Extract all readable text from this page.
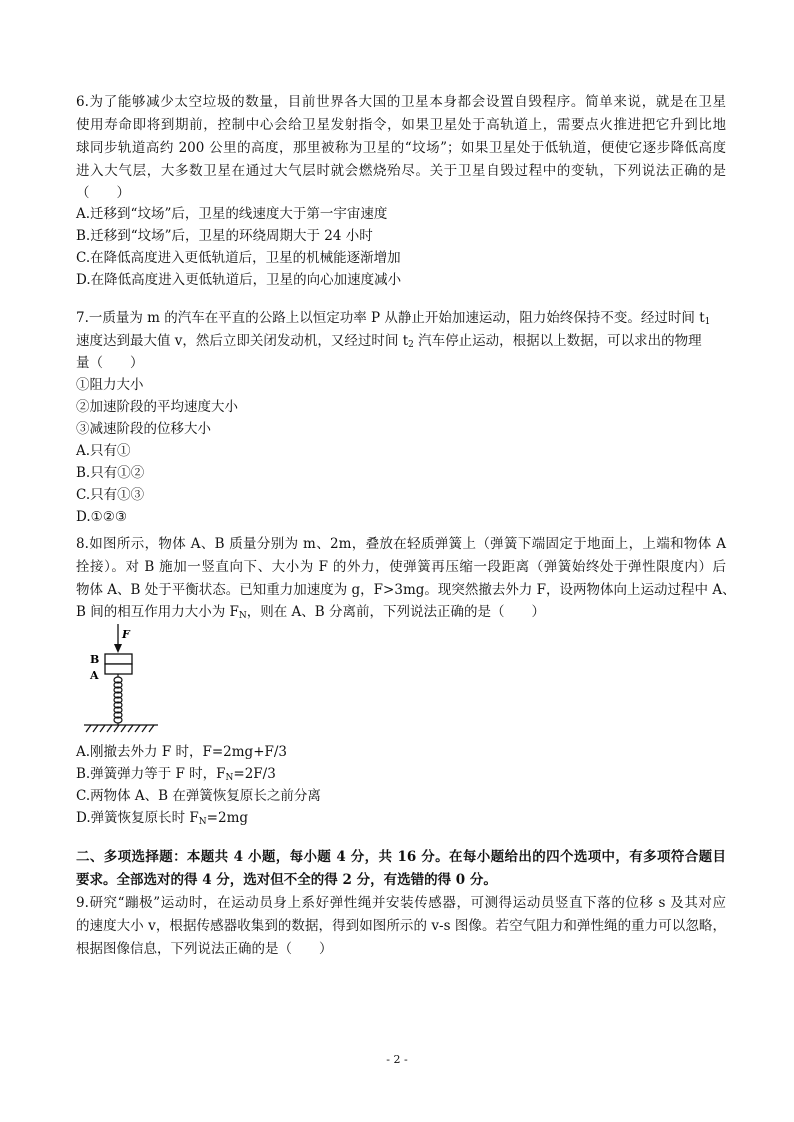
6.为了能够减少太空垃圾的数量，目前世界各大国的卫星本身都会设置自毁程序。简单来说，就是在卫星
使用寿命即将到期前，控制中心会给卫星发射指令，如果卫星处于高轨道上，需要点火推进把它升到比地
球同步轨道高约 200 公里的高度，那里被称为卫星的“坟场”；如果卫星处于低轨道，便使它逐步降低高度
进入大气层，大多数卫星在通过大气层时就会燃烧殆尽。关于卫星自毁过程中的变轨，下列说法正确的是
（　　）
A.迁移到“坟场”后，卫星的线速度大于第一宇宙速度
B.迁移到“坟场”后，卫星的环绕周期大于 24 小时
C.在降低高度进入更低轨道后，卫星的机械能逐渐增加
D.在降低高度进入更低轨道后，卫星的向心加速度减小
7.一质量为 m 的汽车在平直的公路上以恒定功率 P 从静止开始加速运动，阻力始终保持不变。经过时间 $t_1$
速度达到最大值 v，然后立即关闭发动机，又经过时间 $t_2$ 汽车停止运动，根据以上数据，可以求出的物理
量（　　）
①阻力大小
②加速阶段的平均速度大小
③减速阶段的位移大小
A.只有①
B.只有①②
C.只有①③
D.①②③
8.如图所示，物体 A、B 质量分别为 m、2m，叠放在轻质弹簧上（弹簧下端固定于地面上，上端和物体 A
拴接）。对 B 施加一竖直向下、大小为 F 的外力，使弹簧再压缩一段距离（弹簧始终处于弹性限度内）后
物体 A、B 处于平衡状态。已知重力加速度为 g，F>3mg。现突然撤去外力 F，设两物体向上运动过程中 A、
B 间的相互作用力大小为 $F_N$，则在 A、B 分离前，下列说法正确的是（　　）
F
B
A
A.刚撤去外力 F 时，F=2mg+F/3
B.弹簧弹力等于 F 时，$F_N=2F/3$
C.两物体 A、B 在弹簧恢复原长之前分离
D.弹簧恢复原长时 $F_N=2mg$
二、多项选择题：本题共 4 小题，每小题 4 分，共 16 分。在每小题给出的四个选项中，有多项符合题目
要求。全部选对的得 4 分，选对但不全的得 2 分，有选错的得 0 分。
9.研究“蹦极”运动时，在运动员身上系好弹性绳并安装传感器，可测得运动员竖直下落的位移 s 及其对应
的速度大小 v，根据传感器收集到的数据，得到如图所示的 v-s 图像。若空气阻力和弹性绳的重力可以忽略，
根据图像信息，下列说法正确的是（　　）
- 2 -
